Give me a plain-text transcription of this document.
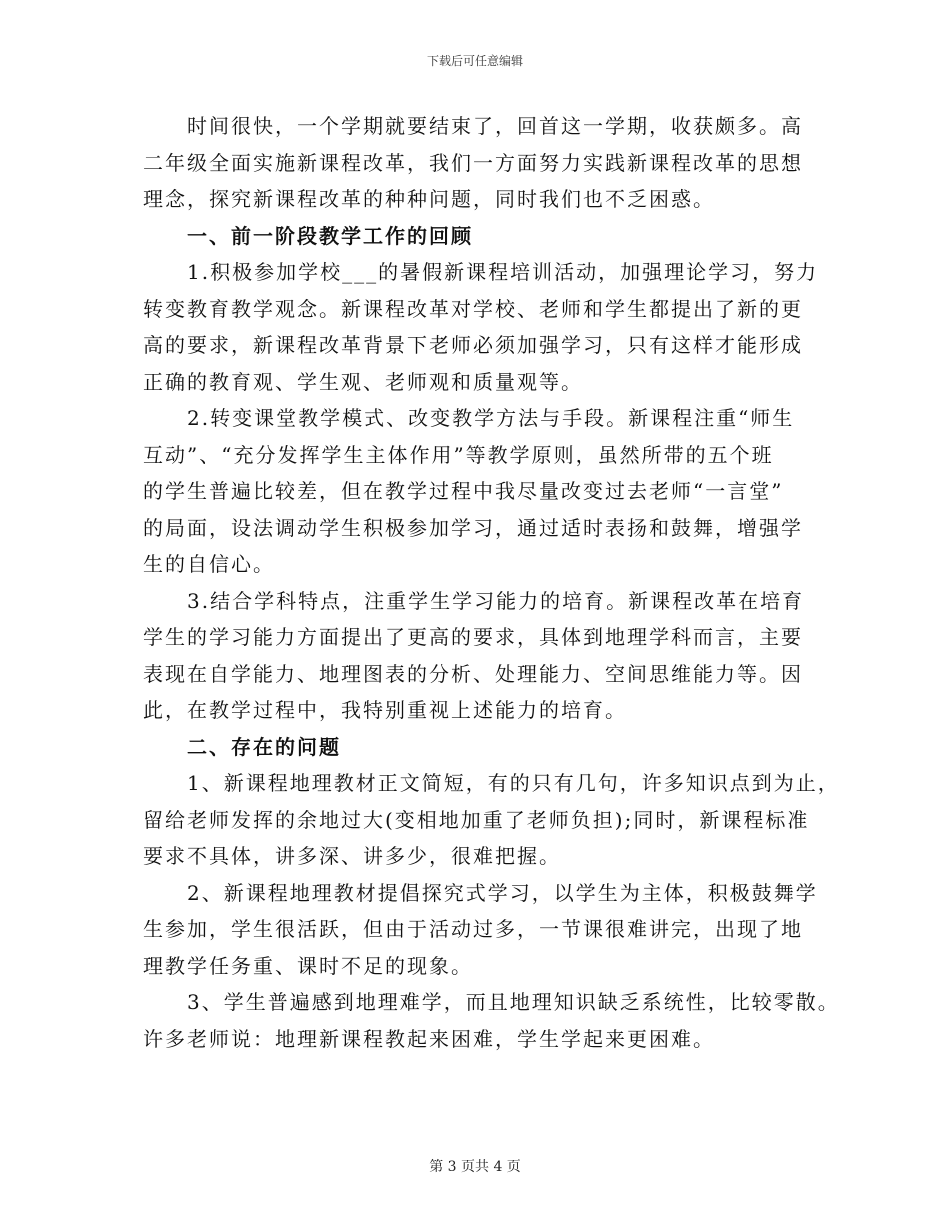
下载后可任意编辑
时间很快，一个学期就要结束了，回首这一学期，收获颇多。高
二年级全面实施新课程改革，我们一方面努力实践新课程改革的思想
理念，探究新课程改革的种种问题，同时我们也不乏困惑。
一、前一阶段教学工作的回顾
1.积极参加学校___的暑假新课程培训活动，加强理论学习，努力
转变教育教学观念。新课程改革对学校、老师和学生都提出了新的更
高的要求，新课程改革背景下老师必须加强学习，只有这样才能形成
正确的教育观、学生观、老师观和质量观等。
2.转变课堂教学模式、改变教学方法与手段。新课程注重“师生
互动”、“充分发挥学生主体作用”等教学原则，虽然所带的五个班
的学生普遍比较差，但在教学过程中我尽量改变过去老师“一言堂”
的局面，设法调动学生积极参加学习，通过适时表扬和鼓舞，增强学
生的自信心。
3.结合学科特点，注重学生学习能力的培育。新课程改革在培育
学生的学习能力方面提出了更高的要求，具体到地理学科而言，主要
表现在自学能力、地理图表的分析、处理能力、空间思维能力等。因
此，在教学过程中，我特别重视上述能力的培育。
二、存在的问题
1、新课程地理教材正文简短，有的只有几句，许多知识点到为止，
留给老师发挥的余地过大(变相地加重了老师负担);同时，新课程标准
要求不具体，讲多深、讲多少，很难把握。
2、新课程地理教材提倡探究式学习，以学生为主体，积极鼓舞学
生参加，学生很活跃，但由于活动过多，一节课很难讲完，出现了地
理教学任务重、课时不足的现象。
3、学生普遍感到地理难学，而且地理知识缺乏系统性，比较零散。
许多老师说：地理新课程教起来困难，学生学起来更困难。
第 3 页共 4 页
